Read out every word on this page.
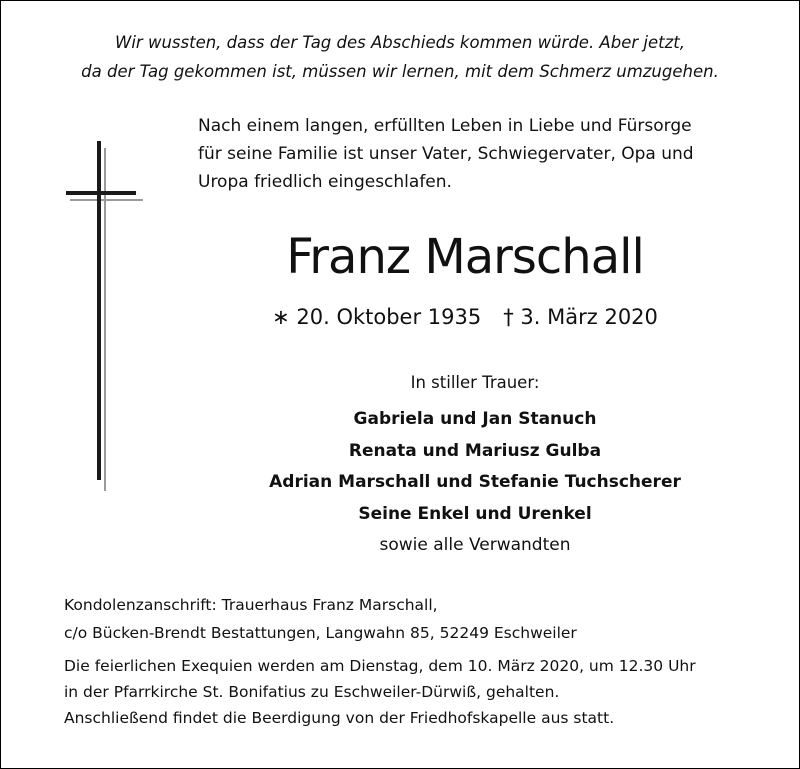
Wir wussten, dass der Tag des Abschieds kommen würde. Aber jetzt,
da der Tag gekommen ist, müssen wir lernen, mit dem Schmerz umzugehen.
Nach einem langen, erfüllten Leben in Liebe und Fürsorge
für seine Familie ist unser Vater, Schwiegervater, Opa und
Uropa friedlich eingeschlafen.
Franz Marschall
∗ 20. Oktober 1935 † 3. März 2020
In stiller Trauer:
Gabriela und Jan Stanuch
Renata und Mariusz Gulba
Adrian Marschall und Stefanie Tuchscherer
Seine Enkel und Urenkel
sowie alle Verwandten
Kondolenzanschrift: Trauerhaus Franz Marschall,
c/o Bücken-Brendt Bestattungen, Langwahn 85, 52249 Eschweiler
Die feierlichen Exequien werden am Dienstag, dem 10. März 2020, um 12.30 Uhr
in der Pfarrkirche St. Bonifatius zu Eschweiler-Dürwiß, gehalten.
Anschließend findet die Beerdigung von der Friedhofskapelle aus statt.
